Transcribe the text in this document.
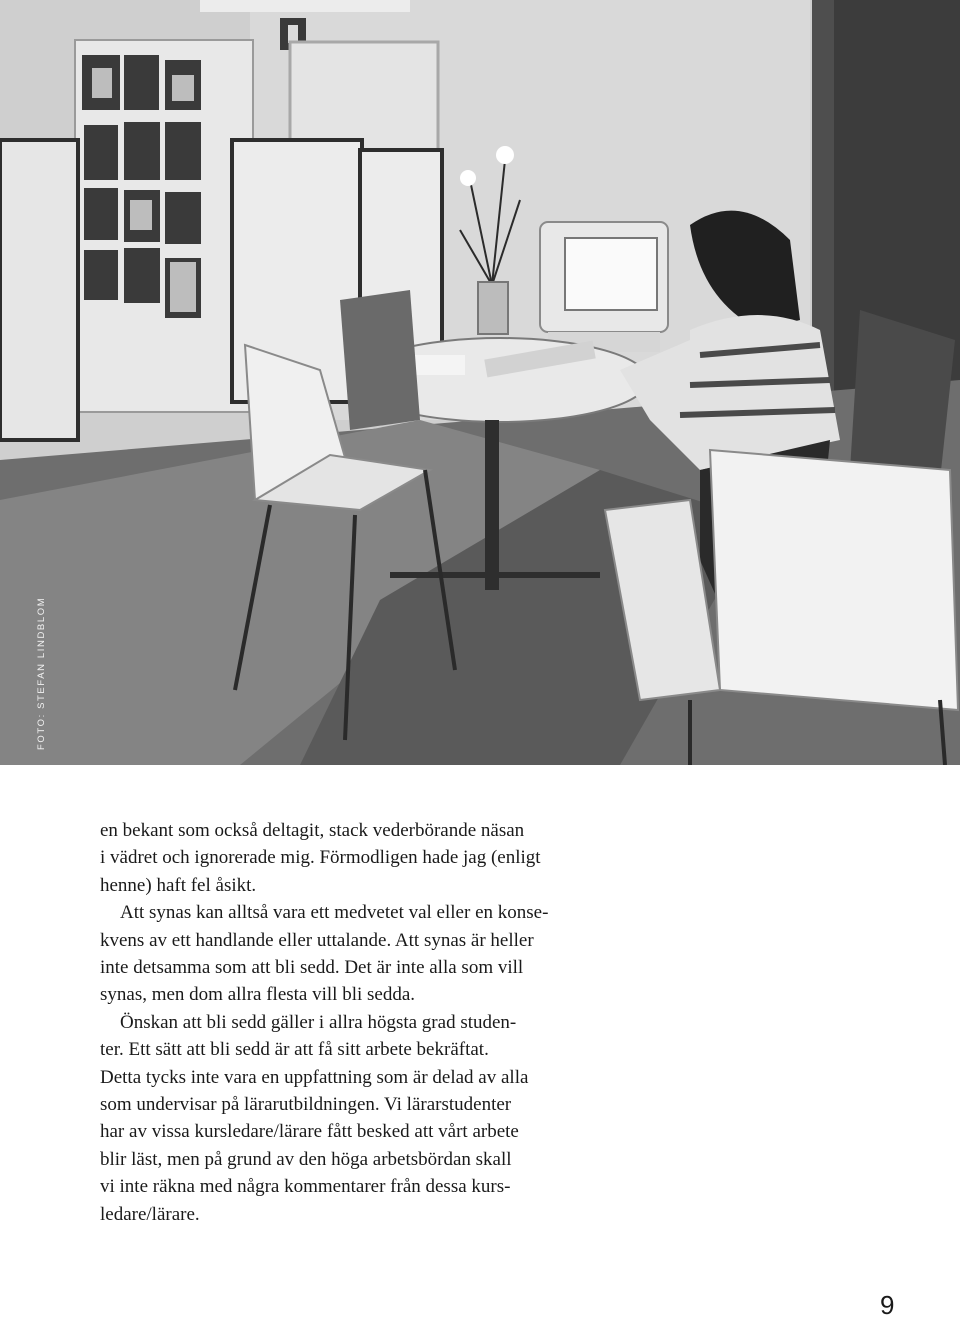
FOTO: STEFAN LINDBLOM
en bekant som också deltagit, stack vederbörande näsan
i vädret och ignorerade mig. Förmodligen hade jag (enligt
henne) haft fel åsikt.
Att synas kan alltså vara ett medvetet val eller en konse-
kvens av ett handlande eller uttalande. Att synas är heller
inte detsamma som att bli sedd. Det är inte alla som vill
synas, men dom allra flesta vill bli sedda.
Önskan att bli sedd gäller i allra högsta grad studen-
ter. Ett sätt att bli sedd är att få sitt arbete bekräftat.
Detta tycks inte vara en uppfattning som är delad av alla
som undervisar på lärarutbildningen. Vi lärarstudenter
har av vissa kursledare/lärare fått besked att vårt arbete
blir läst, men på grund av den höga arbetsbördan skall
vi inte räkna med några kommentarer från dessa kurs-
ledare/lärare.
9
